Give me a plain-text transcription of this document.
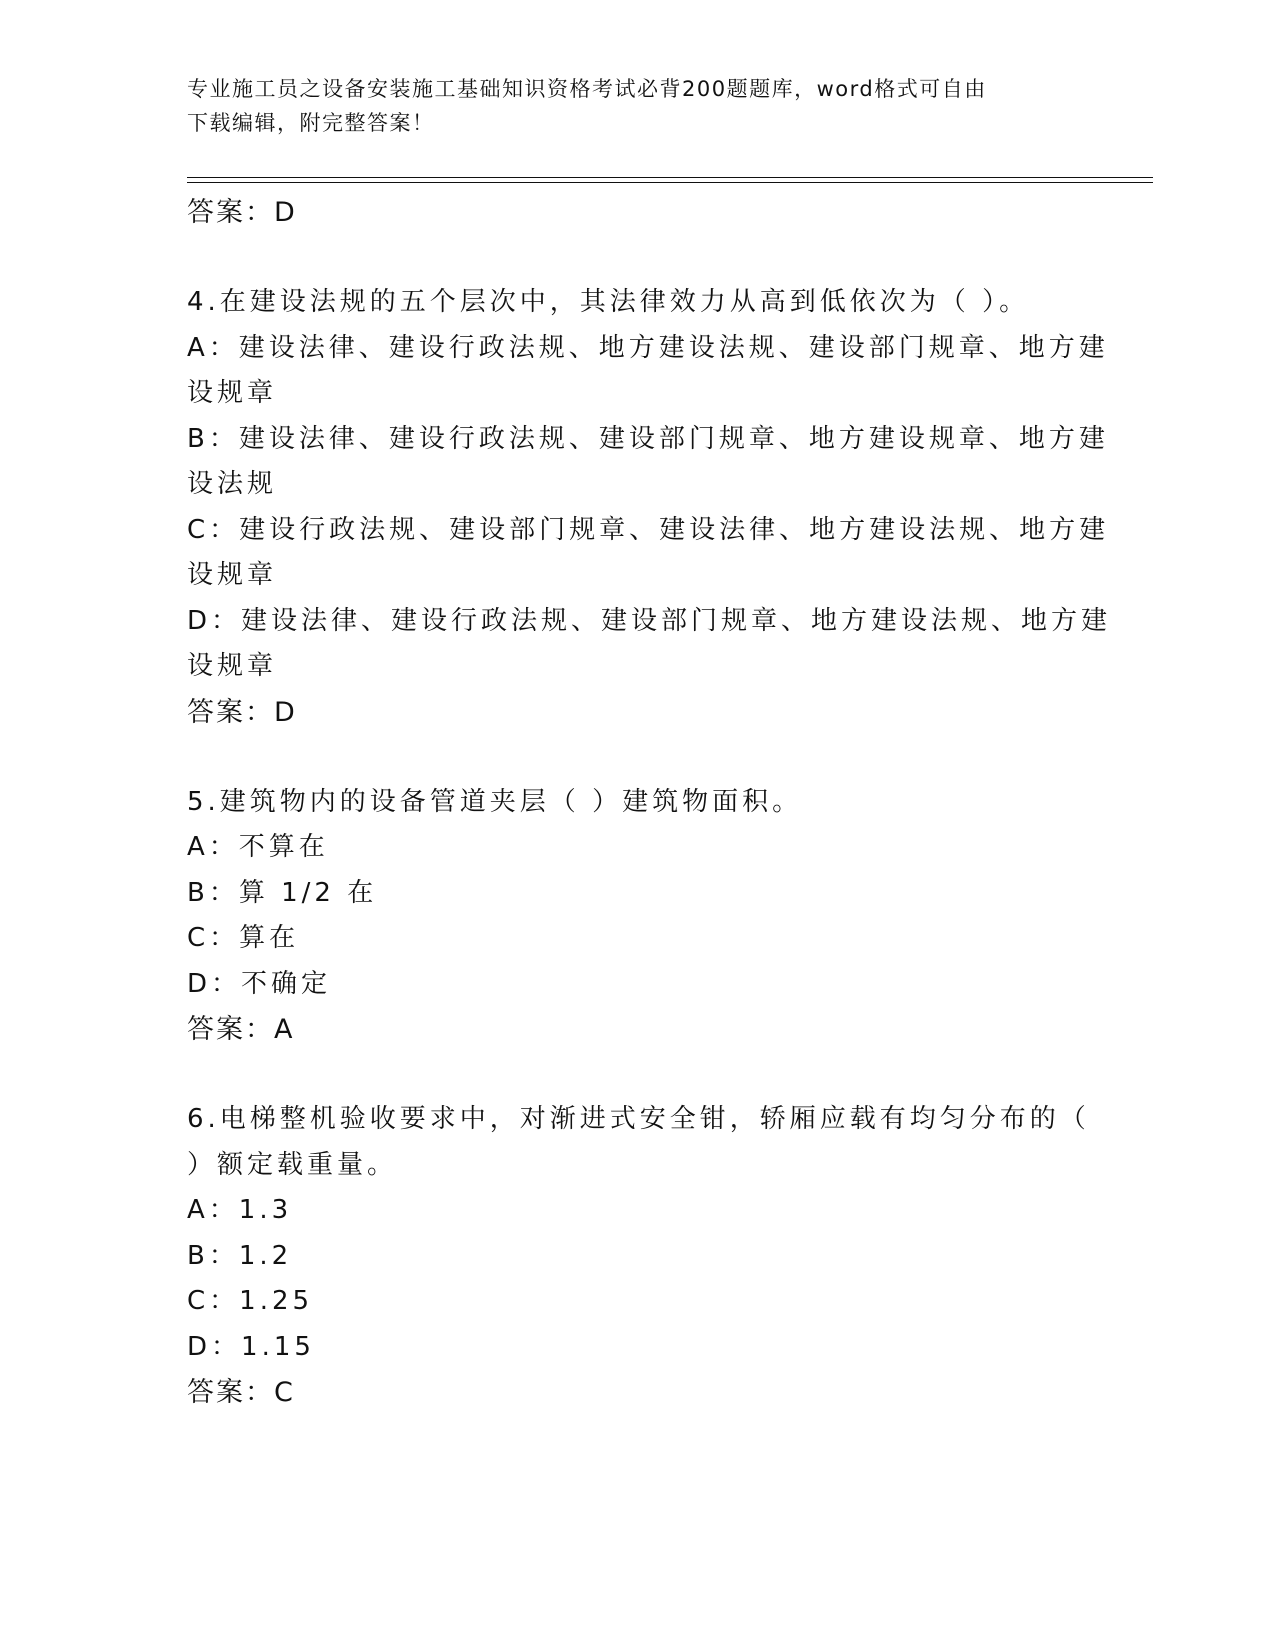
专业施工员之设备安装施工基础知识资格考试必背200题题库，word格式可自由
下载编辑，附完整答案！
答案：D
4.在建设法规的五个层次中，其法律效力从高到低依次为（ ）。
A：建设法律、建设行政法规、地方建设法规、建设部门规章、地方建
设规章
B：建设法律、建设行政法规、建设部门规章、地方建设规章、地方建
设法规
C：建设行政法规、建设部门规章、建设法律、地方建设法规、地方建
设规章
D：建设法律、建设行政法规、建设部门规章、地方建设法规、地方建
设规章
答案：D
5.建筑物内的设备管道夹层（ ）建筑物面积。
A：不算在
B：算 1/2 在
C：算在
D：不确定
答案：A
6.电梯整机验收要求中，对渐进式安全钳，轿厢应载有均匀分布的（
）额定载重量。
A：1.3
B：1.2
C：1.25
D：1.15
答案：C
